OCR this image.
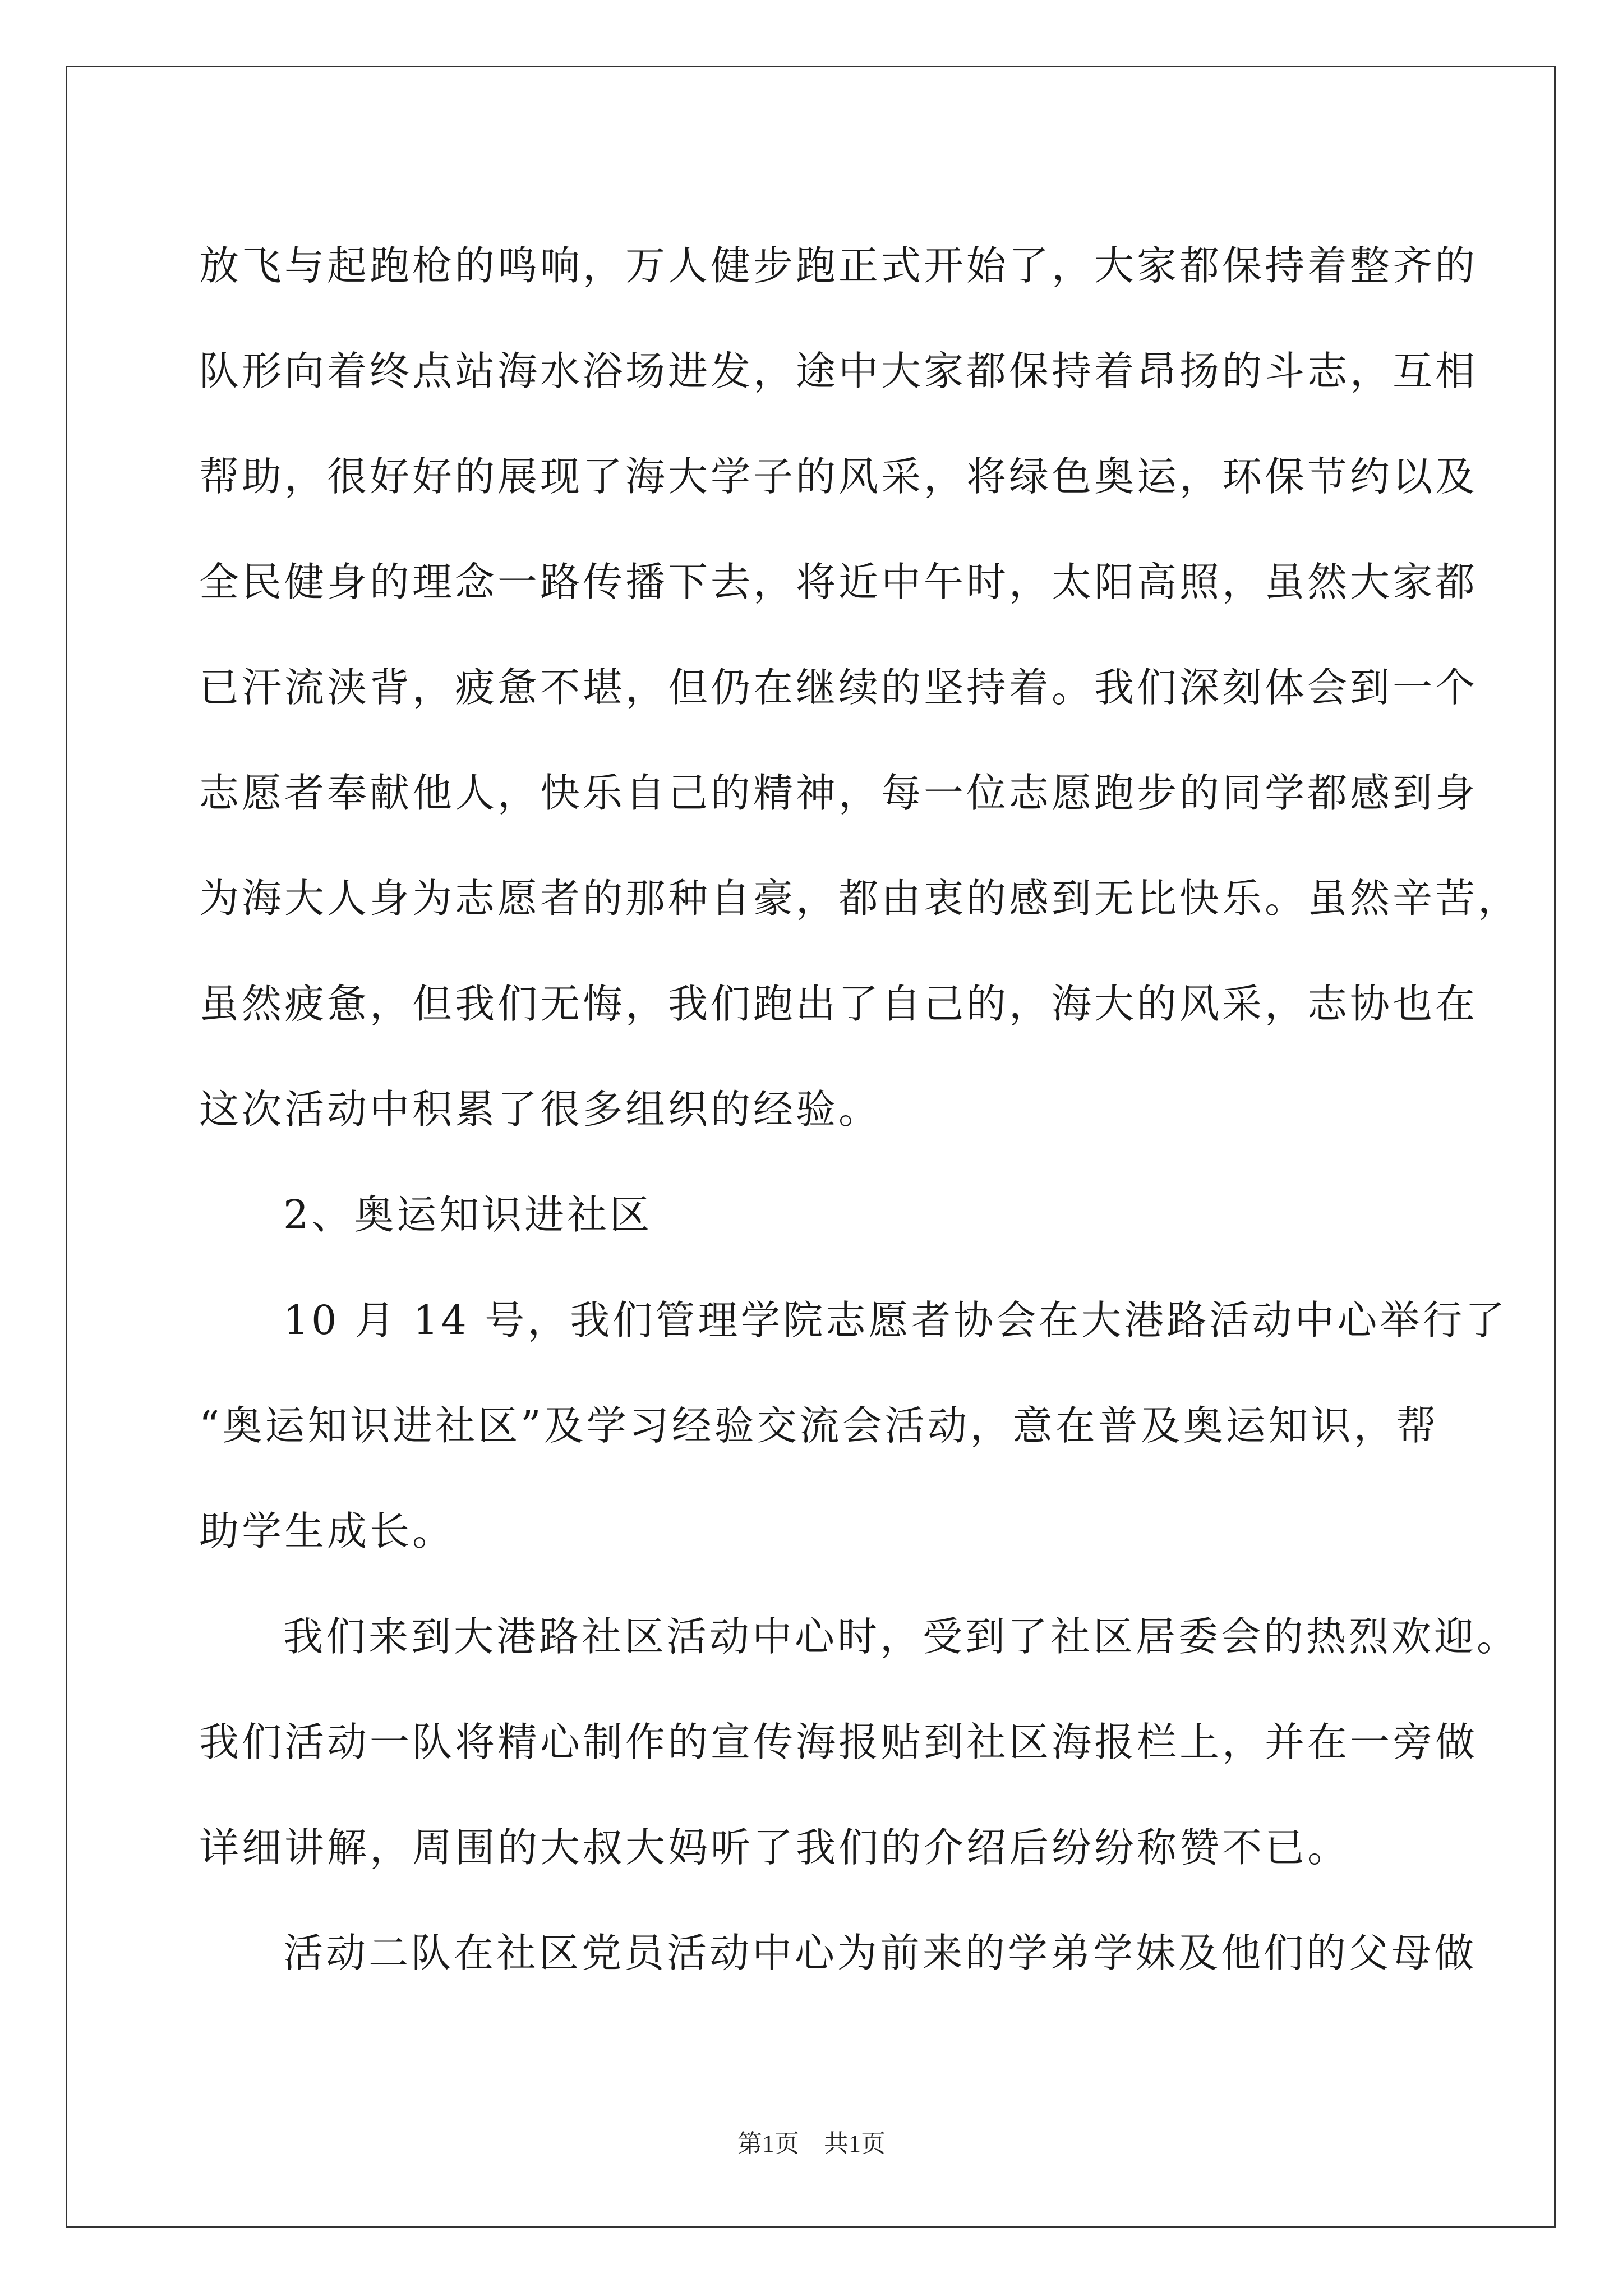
放飞与起跑枪的鸣响，万人健步跑正式开始了，大家都保持着整齐的

队形向着终点站海水浴场进发，途中大家都保持着昂扬的斗志，互相

帮助，很好好的展现了海大学子的风采，将绿色奥运，环保节约以及

全民健身的理念一路传播下去，将近中午时，太阳高照，虽然大家都

已汗流浃背，疲惫不堪，但仍在继续的坚持着。我们深刻体会到一个

志愿者奉献他人，快乐自己的精神，每一位志愿跑步的同学都感到身

为海大人身为志愿者的那种自豪，都由衷的感到无比快乐。虽然辛苦，

虽然疲惫，但我们无悔，我们跑出了自己的，海大的风采，志协也在

这次活动中积累了很多组织的经验。

2、奥运知识进社区

10 月 14 号，我们管理学院志愿者协会在大港路活动中心举行了

“奥运知识进社区”及学习经验交流会活动，意在普及奥运知识，帮

助学生成长。

我们来到大港路社区活动中心时，受到了社区居委会的热烈欢迎。

我们活动一队将精心制作的宣传海报贴到社区海报栏上，并在一旁做

详细讲解，周围的大叔大妈听了我们的介绍后纷纷称赞不已。

活动二队在社区党员活动中心为前来的学弟学妹及他们的父母做

第1页　共1页
